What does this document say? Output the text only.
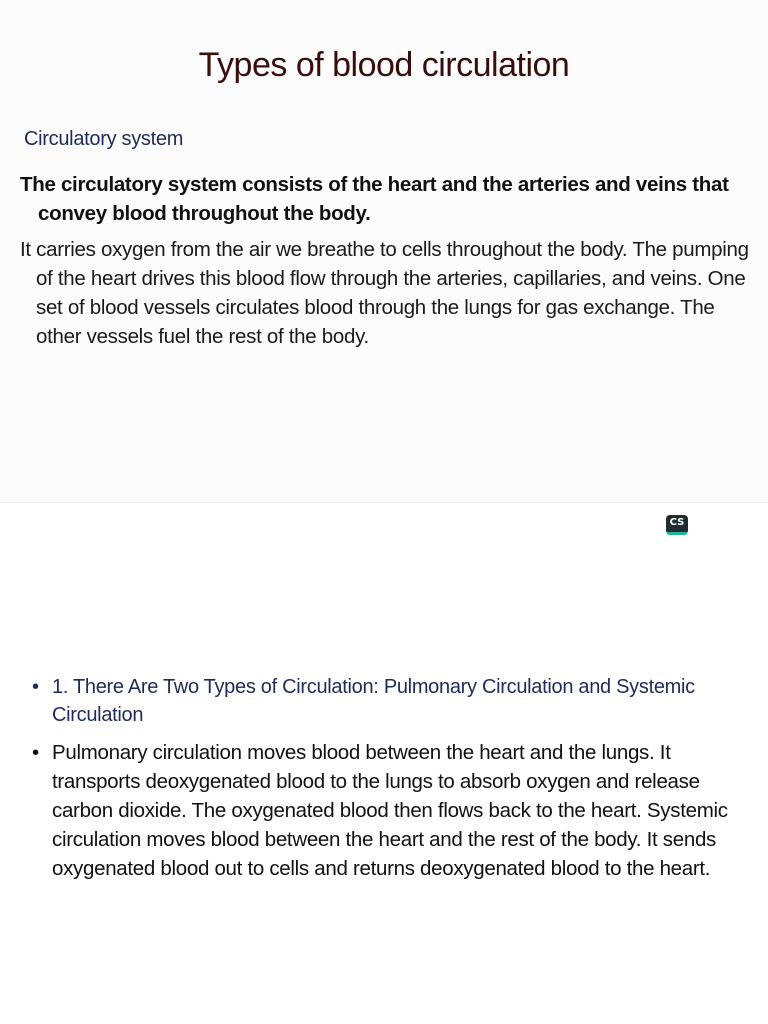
Types of blood circulation
Circulatory system

The circulatory system consists of the heart and the arteries and veins that convey blood throughout the body.

It carries oxygen from the air we breathe to cells throughout the body. The pumping of the heart drives this blood flow through the arteries, capillaries, and veins. One set of blood vessels circulates blood through the lungs for gas exchange. The other vessels fuel the rest of the body.

CS
• 1. There Are Two Types of Circulation: Pulmonary Circulation and Systemic Circulation
• Pulmonary circulation moves blood between the heart and the lungs. It transports deoxygenated blood to the lungs to absorb oxygen and release carbon dioxide. The oxygenated blood then flows back to the heart. Systemic circulation moves blood between the heart and the rest of the body. It sends oxygenated blood out to cells and returns deoxygenated blood to the heart.
